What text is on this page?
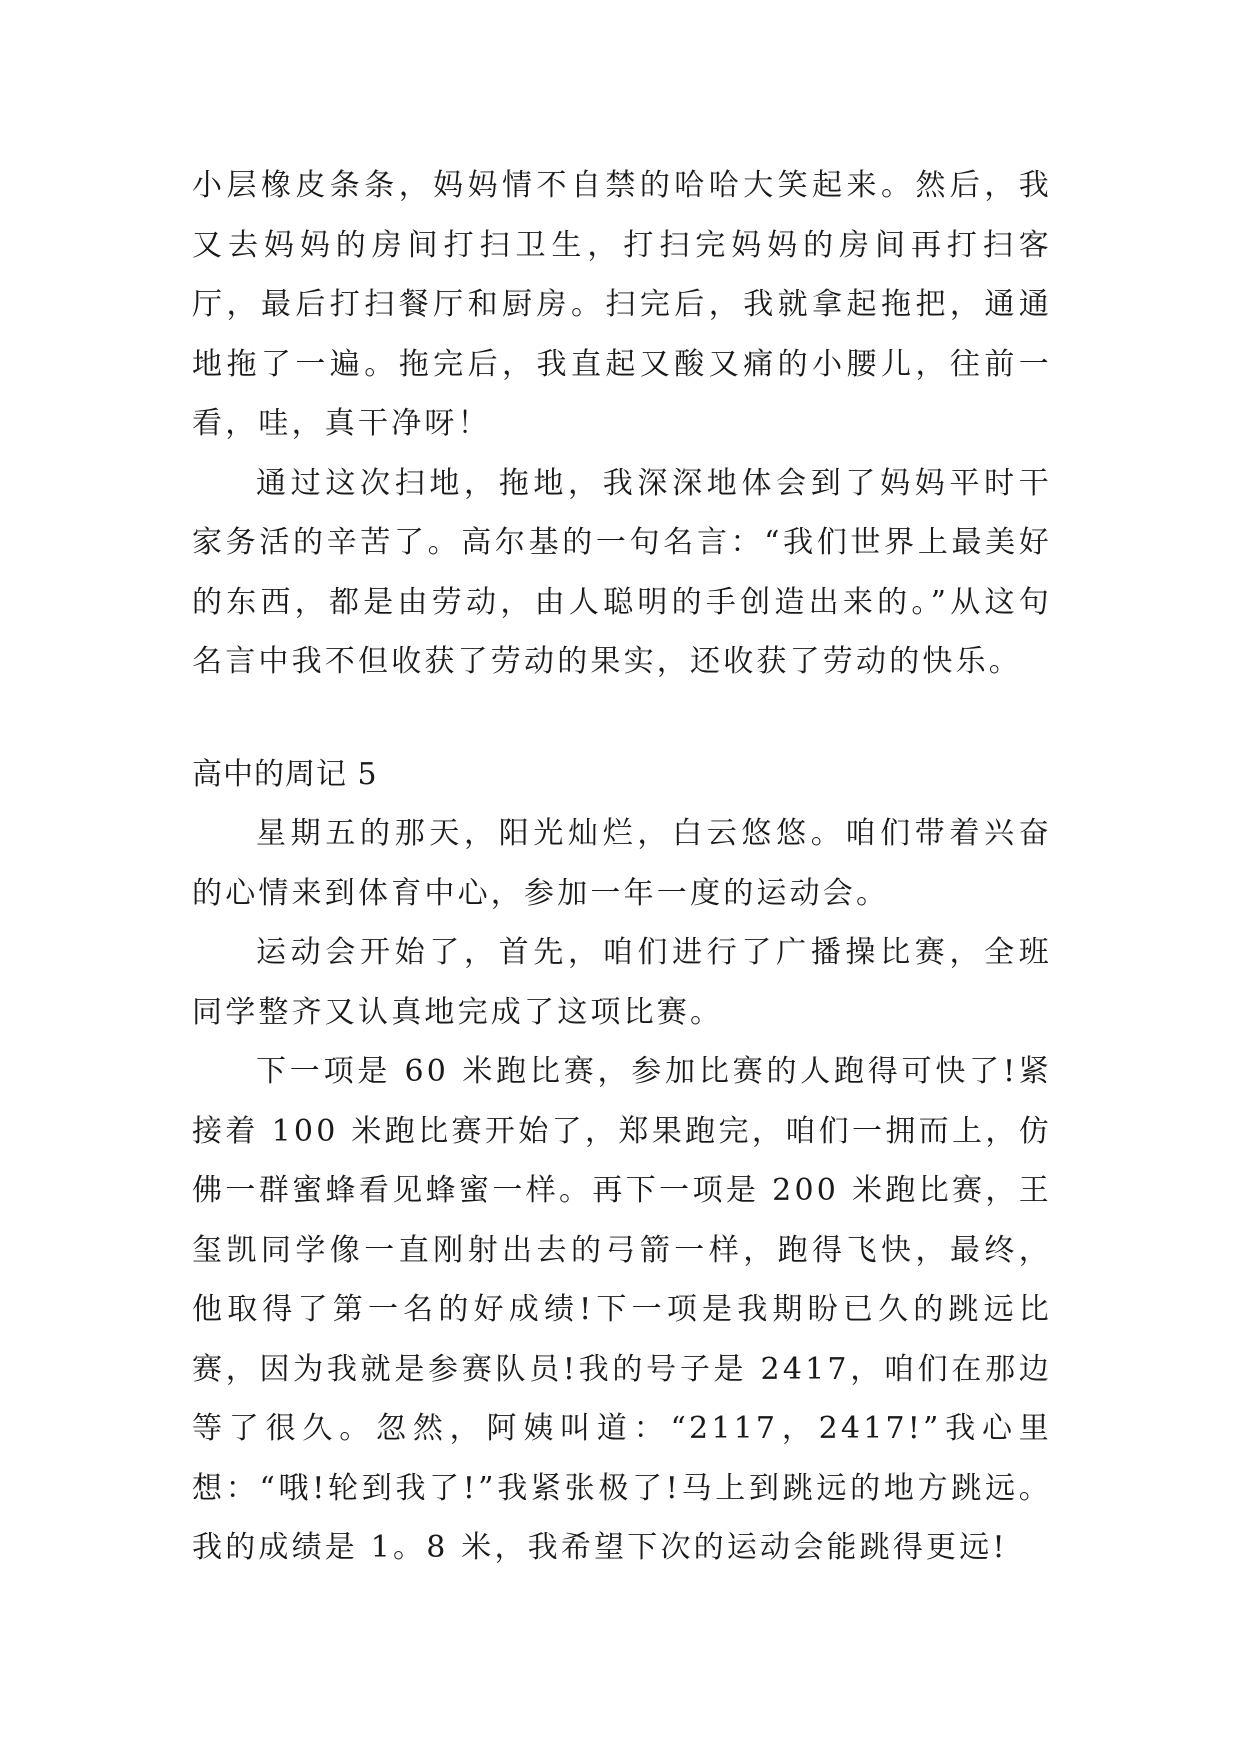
小层橡皮条条，妈妈情不自禁的哈哈大笑起来。然后，我又去妈妈的房间打扫卫生，打扫完妈妈的房间再打扫客厅，最后打扫餐厅和厨房。扫完后，我就拿起拖把，通通地拖了一遍。拖完后，我直起又酸又痛的小腰儿，往前一看，哇，真干净呀！

通过这次扫地，拖地，我深深地体会到了妈妈平时干家务活的辛苦了。高尔基的一句名言：“我们世界上最美好的东西，都是由劳动，由人聪明的手创造出来的。”从这句名言中我不但收获了劳动的果实，还收获了劳动的快乐。

高中的周记 5

星期五的那天，阳光灿烂，白云悠悠。咱们带着兴奋的心情来到体育中心，参加一年一度的运动会。

运动会开始了，首先，咱们进行了广播操比赛，全班同学整齐又认真地完成了这项比赛。

下一项是 60 米跑比赛，参加比赛的人跑得可快了!紧接着 100 米跑比赛开始了，郑果跑完，咱们一拥而上，仿佛一群蜜蜂看见蜂蜜一样。再下一项是 200 米跑比赛，王玺凯同学像一直刚射出去的弓箭一样，跑得飞快，最终，他取得了第一名的好成绩!下一项是我期盼已久的跳远比赛，因为我就是参赛队员!我的号子是 2417，咱们在那边等了很久。忽然，阿姨叫道：“2117，2417!”我心里想：“哦!轮到我了!”我紧张极了!马上到跳远的地方跳远。我的成绩是 1。8 米，我希望下次的运动会能跳得更远!
